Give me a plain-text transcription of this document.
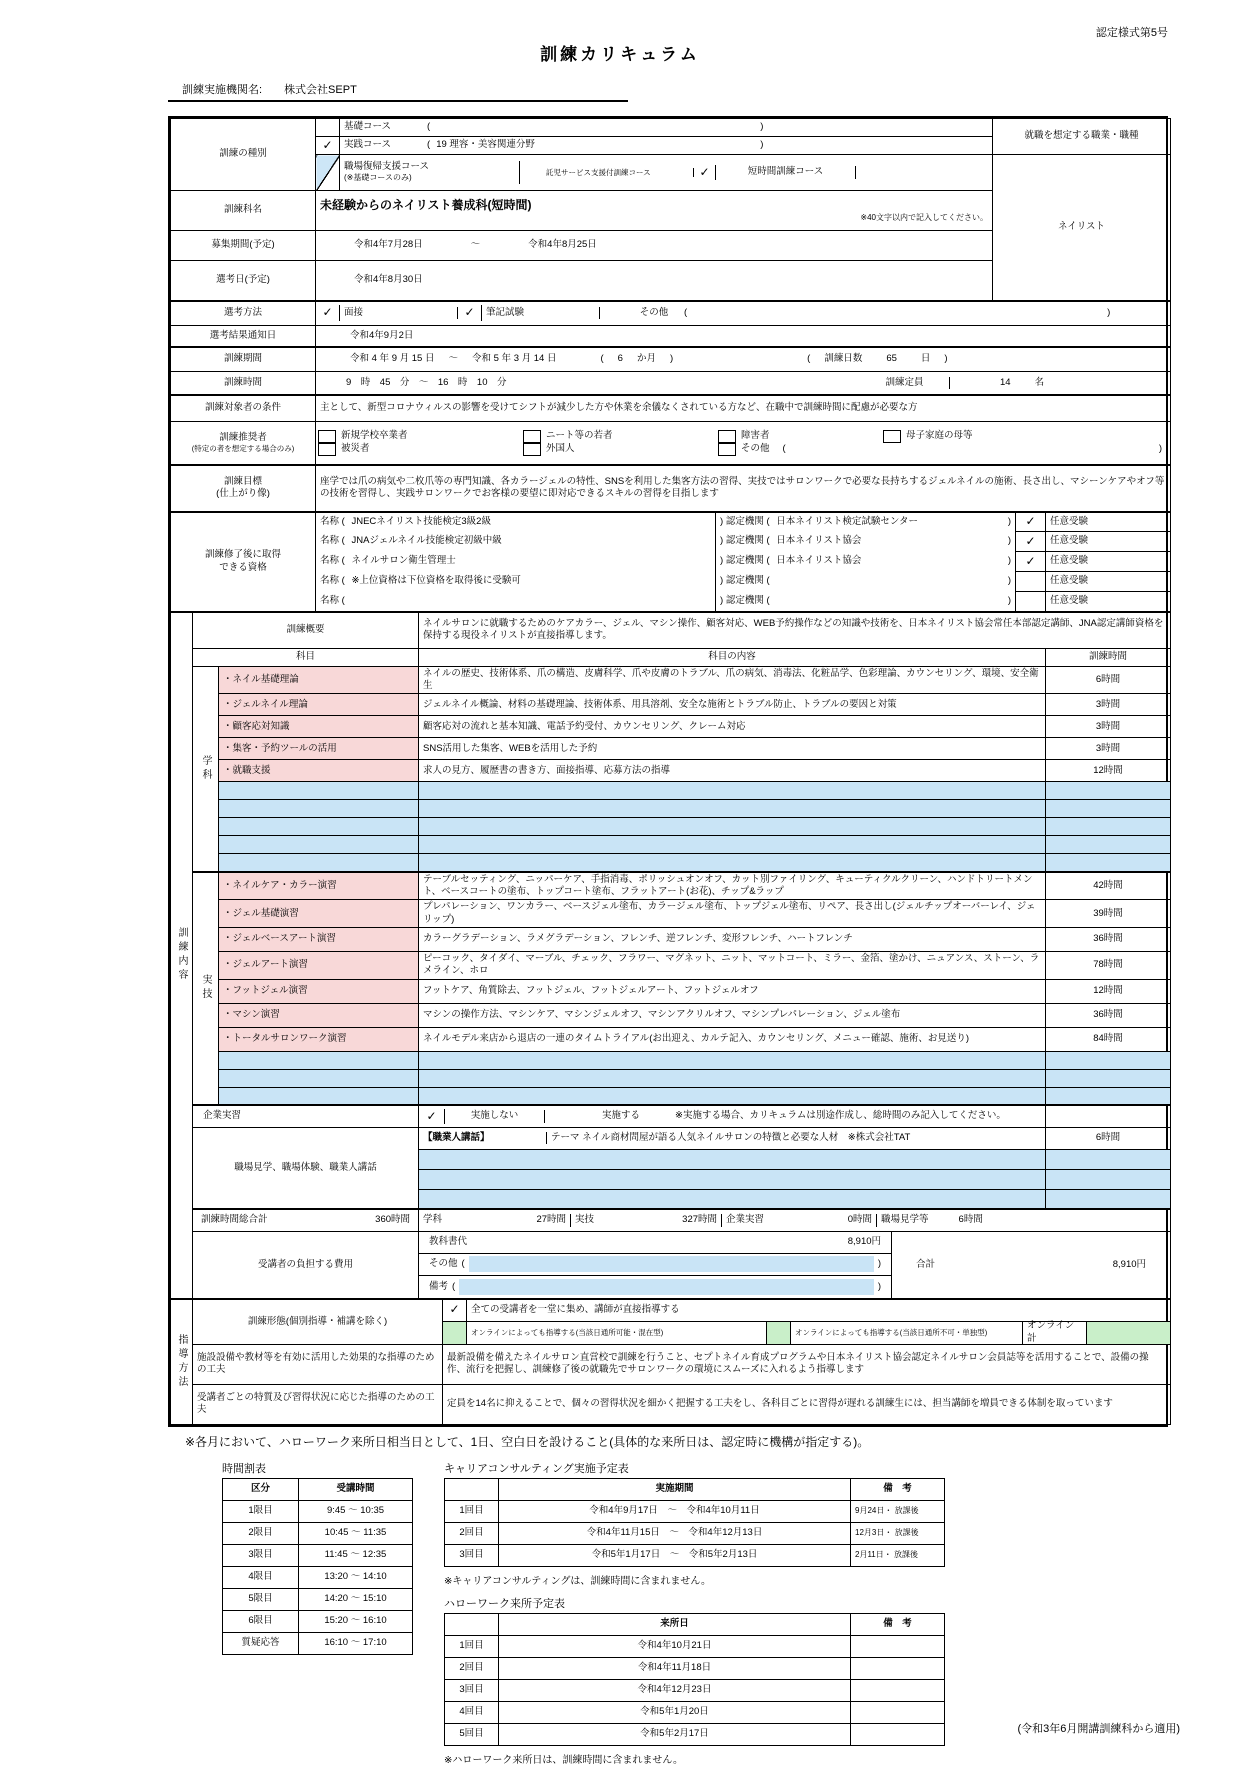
認定様式第5号
訓練カリキュラム
訓練実施機関名: 株式会社SEPT
訓練の種別		基礎コース ( )	就職を想定する職業・職種
	✓	実践コース ( 19 理容・美容関連分野 )	

		職場復帰支援コース
(※基礎コースのみ)
託児サービス支援付訓練コース ✓ 短時間訓練コース	ネイリスト
訓練科名	未経験からのネイリスト養成科(短時間)
※40文字以内で記入してください。		

募集期間(予定)	令和4年7月28日 ～ 令和4年8月25日		

選考日(予定)	令和4年8月30日		
選考方法	✓	面接	✓	筆記試験	その他	(	)

選考結果通知日	令和4年9月2日
訓練期間	令和 4 年 9 月 15 日 ～ 令和 5 年 3 月 14 日	( 6 か月 )	( 訓練日数	65	日 )

訓練時間	9　時　45　分　～　16　時　10　分 訓練定員 14 名

訓練対象者の条件	主として、新型コロナウィルスの影響を受けてシフトが減少した方や休業を余儀なくされている方など、在職中で訓練時間に配慮が必要な方

訓練推奨者
(特定の者を想定する場合のみ)

新規学校卒業者	ニート等の若者	障害者	母子家庭の母等
被災者	外国人	その他 (	)

訓練目標
(仕上がり像)	座学では爪の病気や二枚爪等の専門知識、各カラージェルの特性、SNSを利用した集客方法の習得、実技ではサロンワークで必要な長持ちするジェルネイルの施術、長さ出し、マシーンケアやオフ等の技術を習得し、実践サロンワークでお客様の要望に即対応できるスキルの習得を目指します
訓練修了後に取得
できる資格
	名称 ( JNECネイリスト技能検定3級2級	) 認定機関 ( 日本ネイリスト検定試験センター	)	✓	任意受験
	名称 ( JNAジェルネイル技能検定初級中級	) 認定機関 ( 日本ネイリスト協会 )	✓	任意受験
	名称 ( ネイルサロン衛生管理士	) 認定機関 ( 日本ネイリスト協会 )	✓	任意受験
	名称 ( ※上位資格は下位資格を取得後に受験可	) 認定機関 ( )		任意受験
	名称 (	) 認定機関 ( )		任意受験
訓練内容	訓練概要		ネイルサロンに就職するためのケアカラー、ジェル、マシン操作、顧客対応、WEB予約操作などの知識や技術を、日本ネイリスト協会常任本部認定講師、JNA認定講師資格を保持する現役ネイリストが直接指導します。	
	科目		科目の内容	訓練時間

	学科	・ネイル基礎理論	ネイルの歴史、技術体系、爪の構造、皮膚科学、爪や皮膚のトラブル、爪の病気、消毒法、化粧品学、色彩理論、カウンセリング、環境、安全衛生	6時間
		・ジェルネイル理論	ジェルネイル概論、材料の基礎理論、技術体系、用具溶剤、安全な施術とトラブル防止、トラブルの要因と対策	3時間
		・顧客応対知識	顧客応対の流れと基本知識、電話予約受付、カウンセリング、クレーム対応	3時間
		・集客・予約ツールの活用	SNS活用した集客、WEBを活用した予約	3時間
		・就職支援	求人の見方、履歴書の書き方、面接指導、応募方法の指導	12時間

	実技	・ネイルケア・カラー演習	テーブルセッティング、ニッパーケア、手指消毒、ポリッシュオンオフ、カット別ファイリング、キューティクルクリーン、ハンドトリートメント、ベースコートの塗布、トップコート塗布、フラットアート(お花)、チップ&ラップ	42時間
		・ジェル基礎演習	プレパレーション、ワンカラー、ベースジェル塗布、カラージェル塗布、トップジェル塗布、リペア、長さ出し(ジェルチップオーバーレイ、ジェリップ)	39時間
		・ジェルベースアート演習	カラーグラデーション、ラメグラデーション、フレンチ、逆フレンチ、変形フレンチ、ハートフレンチ	36時間
		・ジェルアート演習	ピーコック、タイダイ、マーブル、チェック、フラワー、マグネット、ニット、マットコート、ミラー、金箔、塗かけ、ニュアンス、ストーン、ラメライン、ホロ	78時間
		・フットジェル演習	フットケア、角質除去、フットジェル、フットジェルアート、フットジェルオフ	12時間
		・マシン演習	マシンの操作方法、マシンケア、マシンジェルオフ、マシンアクリルオフ、マシンプレパレーション、ジェル塗布	36時間
		・トータルサロンワーク演習	ネイルモデル来店から退店の一連のタイムトライアル(お出迎え、カルテ記入、カウンセリング、メニュー確認、施術、お見送り)	84時間

	企業実習		✓ 実施しない 実施する ※実施する場合、カリキュラムは別途作成し、総時間のみ記入してください。	

	職場見学、職場体験、職業人講話		【職業人講話】 テーマ ネイル商材問屋が語る人気ネイルサロンの特徴と必要な人材　※株式会社TAT	6時間

訓練時間総合計	360時間	学科	27時間 実技	327時間 企業実習	0時間 職場見学等	6時間

受講者の負担する費用	
教科書代	8,910円
その他 (	)
備考 (	)
合計	8,910円
指導方法	訓練形態(個別指導・補講を除く)	✓ 全ての受講者を一堂に集め、講師が直接指導する
オンラインによっても指導する(当該日通所可能・混在型) オンラインによっても指導する(当該日通所不可・単独型)
オンライン計

	施設設備や教材等を有効に活用した効果的な指導のための工夫	最新設備を備えたネイルサロン直営校で訓練を行うこと、セプトネイル育成プログラムや日本ネイリスト協会認定ネイルサロン会員誌等を活用することで、設備の操作、流行を把握し、訓練修了後の就職先でサロンワークの環境にスムーズに入れるよう指導します
	受講者ごとの特質及び習得状況に応じた指導のための工夫	定員を14名に抑えることで、個々の習得状況を細かく把握する工夫をし、各科目ごとに習得が遅れる訓練生には、担当講師を増員できる体制を取っています
※各月において、ハローワーク来所日相当日として、1日、空白日を設けること(具体的な来所日は、認定時に機構が指定する)。
時間割表
区分	受講時間
1限目	9:45 ～ 10:35
2限目	10:45 ～ 11:35
3限目	11:45 ～ 12:35
4限目	13:20 ～ 14:10
5限目	14:20 ～ 15:10
6限目	15:20 ～ 16:10
質疑応答	16:10 ～ 17:10
キャリアコンサルティング実施予定表
	実施期間	備　考
1回目	令和4年9月17日　 ～　 令和4年10月11日	9月24日・ 放課後
2回目	令和4年11月15日　 ～　 令和4年12月13日	12月3日・ 放課後
3回目	令和5年1月17日　 ～　 令和5年2月13日	2月11日・ 放課後
※キャリアコンサルティングは、訓練時間に含まれません。
ハローワーク来所予定表
	来所日	備　考
1回目	令和4年10月21日	
2回目	令和4年11月18日	
3回目	令和4年12月23日	
4回目	令和5年1月20日	
5回目	令和5年2月17日	
※ハローワーク来所日は、訓練時間に含まれません。
(令和3年6月開講訓練科から適用)
